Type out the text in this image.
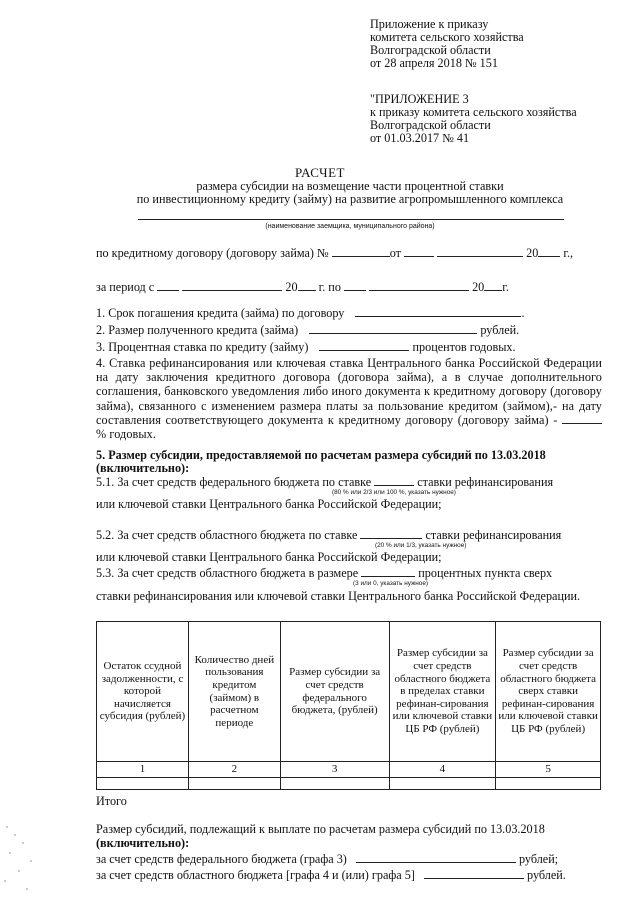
Приложение к приказу
комитета сельского хозяйства
Волгоградской области
от 28 апреля 2018 № 151
"ПРИЛОЖЕНИЕ 3
к приказу комитета сельского хозяйства
Волгоградской области
от 01.03.2017 № 41
РАСЧЕТ
размера субсидии на возмещение части процентной ставки
по инвестиционному кредиту (займу) на развитие агропромышленного комплекса
(наименование заемщика, муниципального района)
по кредитному договору (договору займа) №	от	20 г.,
за период с	20 г. по	20 г.
1. Срок погашения кредита (займа) по договору	.
2. Размер полученного кредита (займа)	рублей.
3. Процентная ставка по кредиту (займу)	процентов годовых.
4. Ставка рефинансирования или ключевая ставка Центрального банка Российской Федерации на дату заключения кредитного договора (договора займа), а в случае дополнительного соглашения, банковского уведомления либо иного документа к кредитному договору (договору займа), связанного с изменением размера платы за пользование кредитом (займом),- на дату составления соответствующего документа к кредитному договору (договору займа) -  % годовых.
5. Размер субсидии, предоставляемой по расчетам размера субсидий по 13.03.2018
(включительно):
5.1. За счет средств федерального бюджета по ставке	ставки рефинансирования
(80 % или 2/3 или 100 %, указать нужное)
или ключевой ставки Центрального банка Российской Федерации;
5.2. За счет средств областного бюджета по ставке	ставки рефинансирования
(20 % или 1/3, указать нужное)
или ключевой ставки Центрального банка Российской Федерации;
5.3. За счет средств областного бюджета в размере	процентных пункта сверх
(3 или 0, указать нужное)
ставки рефинансирования или ключевой ставки Центрального банка Российской Федерации.
Остаток ссудной задолженности, с которой начисляется субсидия (рублей)	Количество дней пользования кредитом (займом) в расчетном периоде	Размер субсидии за счет средств федерального бюджета, (рублей)	Размер субсидии за счет средств областного бюджета в пределах ставки рефинан-сирования или ключевой ставки ЦБ РФ (рублей)	Размер субсидии за счет средств областного бюджета сверх ставки рефинан-сирования или ключевой ставки ЦБ РФ (рублей)
1	2	3	4	5

Итого
Размер субсидий, подлежащий к выплате по расчетам размера субсидий по 13.03.2018
(включительно):
за счет средств федерального бюджета (графа 3)	рублей;
за счет средств областного бюджета [графа 4 и (или) графа 5]	рублей.
